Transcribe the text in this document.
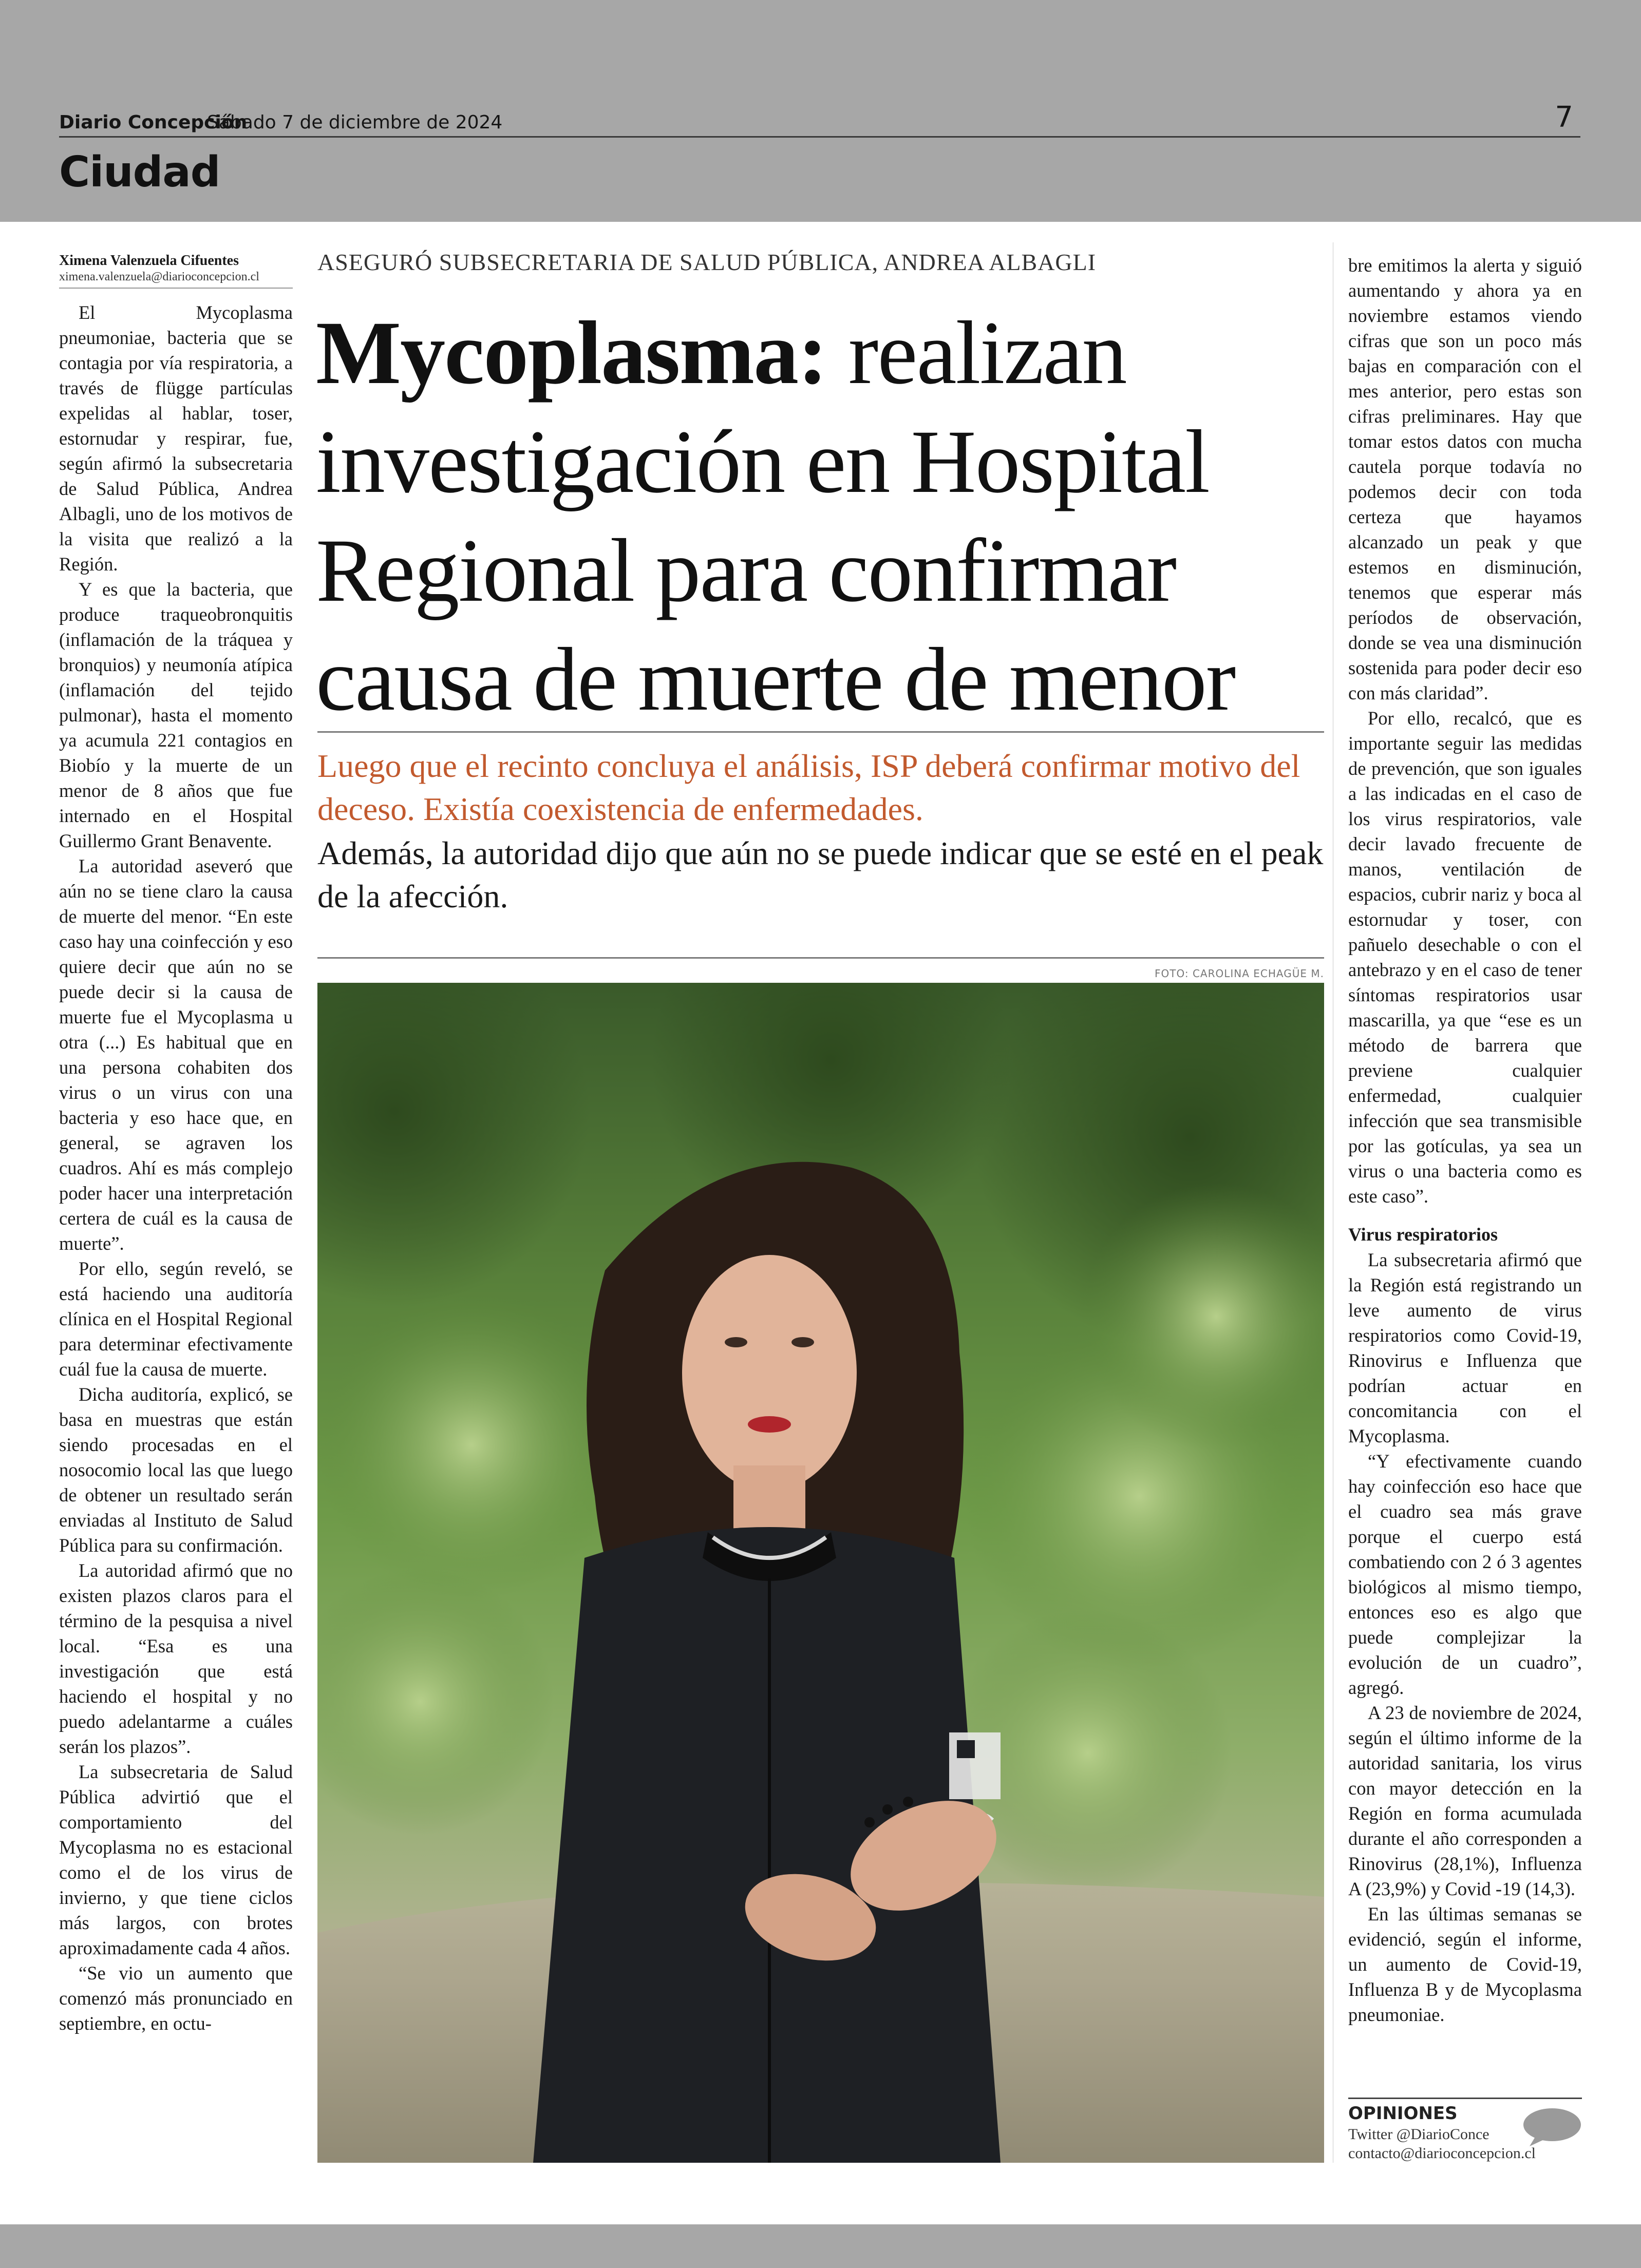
Diario Concepción
Sábado 7 de diciembre de 2024	7
Ciudad
Ximena Valenzuela Cifuentes
ximena.valenzuela@diarioconcepcion.cl

El Mycoplasma pneumoniae, bacteria que se contagia por vía respiratoria, a través de flügge partículas expelidas al hablar, toser, estornudar y respirar, fue, según afirmó la subsecretaria de Salud Pública, Andrea Albagli, uno de los motivos de la visita que realizó a la Región.

Y es que la bacteria, que produce traqueobronquitis (inflamación de la tráquea y bronquios) y neumonía atípica (inflamación del tejido pulmonar), hasta el momento ya acumula 221 contagios en Biobío y la muerte de un menor de 8 años que fue internado en el Hospital Guillermo Grant Benavente.

La autoridad aseveró que aún no se tiene claro la causa de muerte del menor. “En este caso hay una coinfección y eso quiere decir que aún no se puede decir si la causa de muerte fue el Mycoplasma u otra (...) Es habitual que en una persona cohabiten dos virus o un virus con una bacteria y eso hace que, en general, se agraven los cuadros. Ahí es más complejo poder hacer una interpretación certera de cuál es la causa de muerte”.

Por ello, según reveló, se está haciendo una auditoría clínica en el Hospital Regional para determinar efectivamente cuál fue la causa de muerte.

Dicha auditoría, explicó, se basa en muestras que están siendo procesadas en el nosocomio local las que luego de obtener un resultado serán enviadas al Instituto de Salud Pública para su confirmación.

La autoridad afirmó que no existen plazos claros para el término de la pesquisa a nivel local. “Esa es una investigación que está haciendo el hospital y no puedo adelantarme a cuáles serán los plazos”.

La subsecretaria de Salud Pública advirtió que el comportamiento del Mycoplasma no es estacional como el de los virus de invierno, y que tiene ciclos más largos, con brotes aproximadamente cada 4 años.

“Se vio un aumento que comenzó más pronunciado en septiembre, en octu-

ASEGURÓ SUBSECRETARIA DE SALUD PÚBLICA, ANDREA ALBAGLI
Mycoplasma: realizan investigación en Hospital Regional para confirmar causa de muerte de menor
Luego que el recinto concluya el análisis, ISP deberá confirmar motivo del deceso. Existía coexistencia de enfermedades.
Además, la autoridad dijo que aún no se puede indicar que se esté en el peak de la afección.
FOTO: CAROLINA ECHAGÜE M.

bre emitimos la alerta y siguió aumentando y ahora ya en noviembre estamos viendo cifras que son un poco más bajas en comparación con el mes anterior, pero estas son cifras preliminares. Hay que tomar estos datos con mucha cautela porque todavía no podemos decir con toda certeza que hayamos alcanzado un peak y que estemos en disminución, tenemos que esperar más períodos de observación, donde se vea una disminución sostenida para poder decir eso con más claridad”.

Por ello, recalcó, que es importante seguir las medidas de prevención, que son iguales a las indicadas en el caso de los virus respiratorios, vale decir lavado frecuente de manos, ventilación de espacios, cubrir nariz y boca al estornudar y toser, con pañuelo desechable o con el antebrazo y en el caso de tener síntomas respiratorios usar mascarilla, ya que “ese es un método de barrera que previene cualquier enfermedad, cualquier infección que sea transmisible por las gotículas, ya sea un virus o una bacteria como es este caso”.

Virus respiratorios

La subsecretaria afirmó que la Región está registrando un leve aumento de virus respiratorios como Covid-19, Rinovirus e Influenza que podrían actuar en concomitancia con el Mycoplasma.

“Y efectivamente cuando hay coinfección eso hace que el cuadro sea más grave porque el cuerpo está combatiendo con 2 ó 3 agentes biológicos al mismo tiempo, entonces eso es algo que puede complejizar la evolución de un cuadro”, agregó.

A 23 de noviembre de 2024, según el último informe de la autoridad sanitaria, los virus con mayor detección en la Región en forma acumulada durante el año corresponden a Rinovirus (28,1%), Influenza A (23,9%) y Covid -19 (14,3).

En las últimas semanas se evidenció, según el informe, un aumento de Covid-19, Influenza B y de Mycoplasma pneumoniae.

OPINIONES
Twitter @DiarioConce
contacto@diarioconcepcion.cl
